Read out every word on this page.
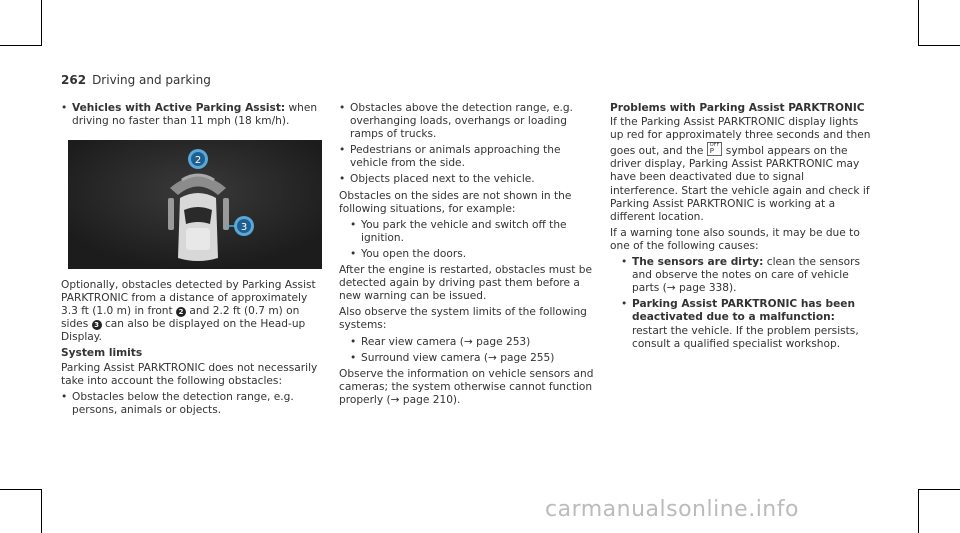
262 Driving and parking
• Vehicles with Active Parking Assist: when driving no faster than 11 mph (18 km/h).
2
3

Optionally, obstacles detected by Parking Assist PARKTRONIC from a distance of approximately 3.3 ft (1.0 m) in front 2 and 2.2 ft (0.7 m) on sides 3 can also be displayed on the Head-up Display.

System limits

Parking Assist PARKTRONIC does not necessarily take into account the following obstacles:

• Obstacles below the detection range, e.g. persons, animals or objects.
• Obstacles above the detection range, e.g. overhanging loads, overhangs or loading ramps of trucks.
• Pedestrians or animals approaching the vehicle from the side.
• Objects placed next to the vehicle.

Obstacles on the sides are not shown in the following situations, for example:

• You park the vehicle and switch off the ignition.
• You open the doors.

After the engine is restarted, obstacles must be detected again by driving past them before a new warning can be issued.

Also observe the system limits of the following systems:

• Rear view camera (→ page 253)
• Surround view camera (→ page 255)

Observe the information on vehicle sensors and cameras; the system otherwise cannot function properly (→ page 210).

Problems with Parking Assist PARKTRONIC

If the Parking Assist PARKTRONIC display lights up red for approximately three seconds and then goes out, and the OFF
P symbol appears on the driver display, Parking Assist PARKTRONIC may have been deactivated due to signal interference. Start the vehicle again and check if Parking Assist PARKTRONIC is working at a different location.

If a warning tone also sounds, it may be due to one of the following causes:

• The sensors are dirty: clean the sensors and observe the notes on care of vehicle parts (→ page 338).
• Parking Assist PARKTRONIC has been deactivated due to a malfunction: restart the vehicle. If the problem persists, consult a qualified specialist workshop.
carmanualsonline.info
